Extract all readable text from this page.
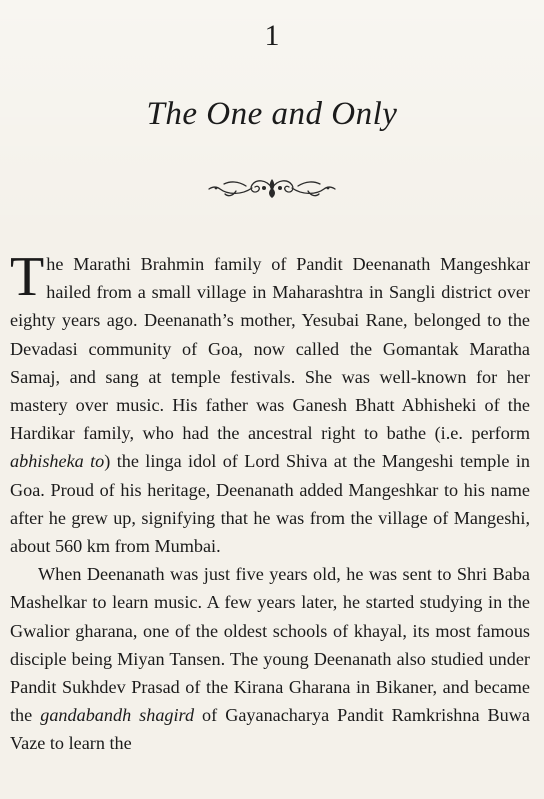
1
The One and Only

The Marathi Brahmin family of Pandit Deenanath Mangeshkar hailed from a small village in Maharashtra in Sangli district over eighty years ago. Deenanath’s mother, Yesubai Rane, belonged to the Devadasi community of Goa, now called the Gomantak Maratha Samaj, and sang at temple festivals. She was well-known for her mastery over music. His father was Ganesh Bhatt Abhisheki of the Hardikar family, who had the ancestral right to bathe (i.e. perform abhisheka to) the linga idol of Lord Shiva at the Mangeshi temple in Goa. Proud of his heritage, Deenanath added Mangeshkar to his name after he grew up, signifying that he was from the village of Mangeshi, about 560 km from Mumbai.

When Deenanath was just five years old, he was sent to Shri Baba Mashelkar to learn music. A few years later, he started studying in the Gwalior gharana, one of the oldest schools of khayal, its most famous disciple being Miyan Tansen. The young Deenanath also studied under Pandit Sukhdev Prasad of the Kirana Gharana in Bikaner, and became the gandabandh shagird of Gayanacharya Pandit Ramkrishna Buwa Vaze to learn the
